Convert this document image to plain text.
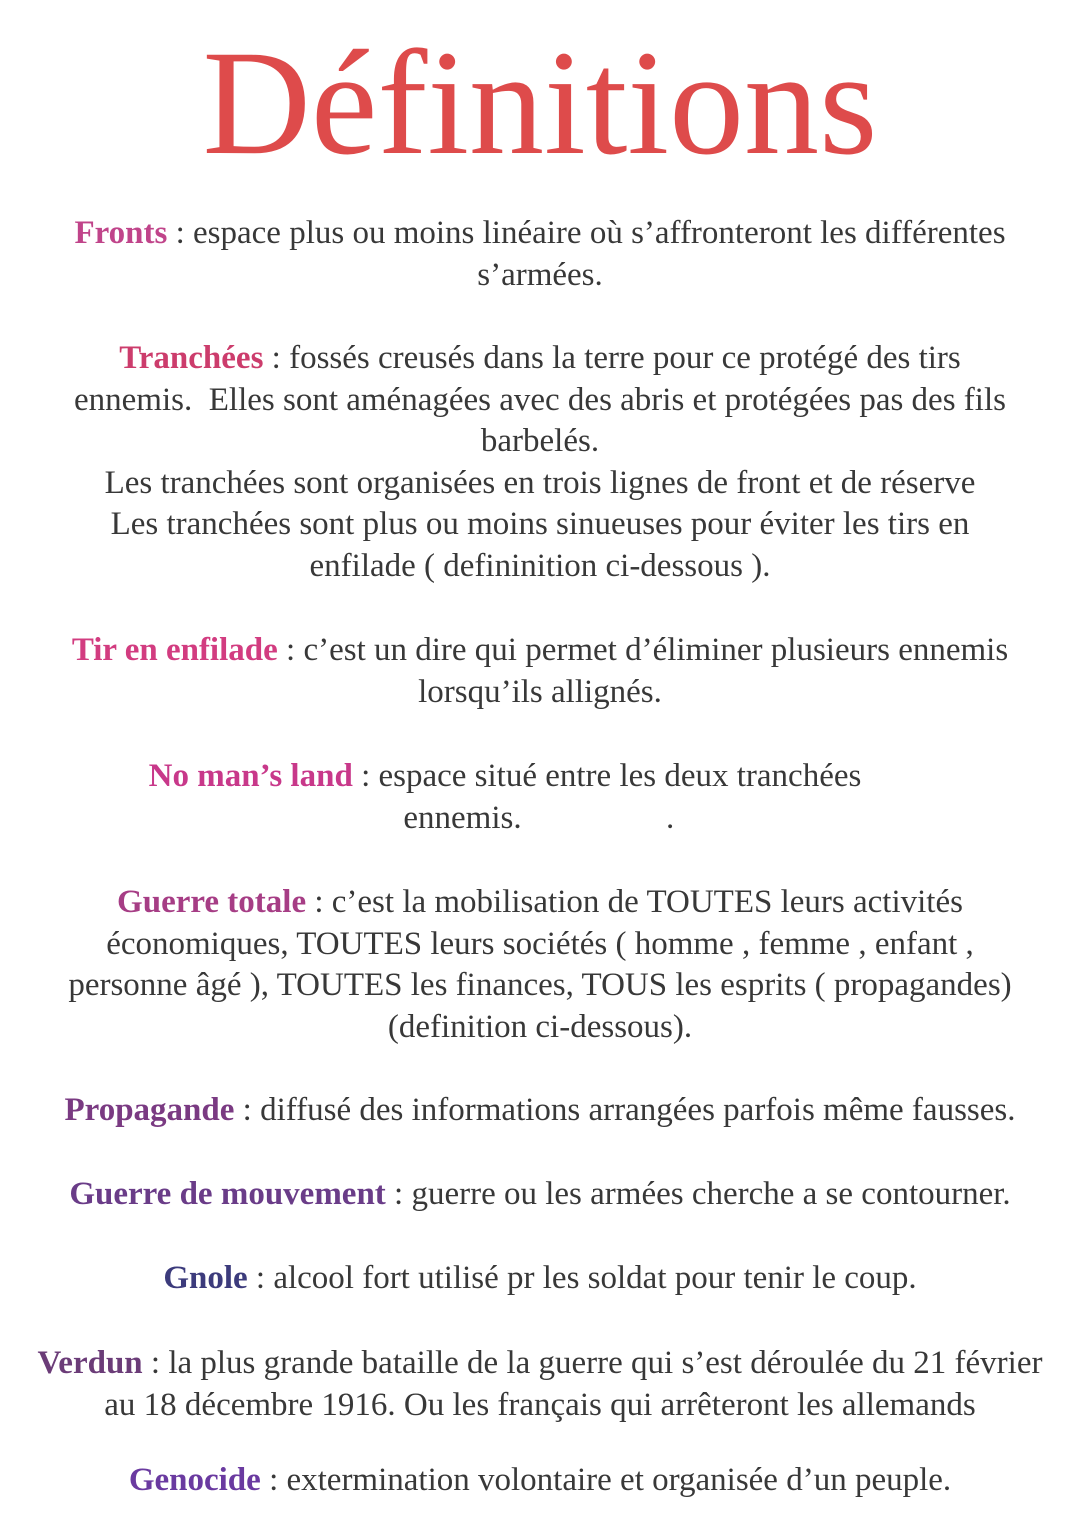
Définitions

Fronts : espace plus ou moins linéaire où s’affronteront les différentes

s’armées.

Tranchées : fossés creusés dans la terre pour ce protégé des tirs

ennemis.  Elles sont aménagées avec des abris et protégées pas des fils

barbelés.

Les tranchées sont organisées en trois lignes de front et de réserve

Les tranchées sont plus ou moins sinueuses pour éviter les tirs en

enfilade ( defininition ci-dessous ).

Tir en enfilade : c’est un dire qui permet d’éliminer plusieurs ennemis

lorsqu’ils allignés.

No man’s land : espace situé entre les deux tranchées

ennemis.	.

Guerre totale : c’est la mobilisation de TOUTES leurs activités

économiques, TOUTES leurs sociétés ( homme , femme , enfant ,

personne âgé ), TOUTES les finances, TOUS les esprits ( propagandes)

(definition ci-dessous).

Propagande : diffusé des informations arrangées parfois même fausses.

Guerre de mouvement : guerre ou les armées cherche a se contourner.

Gnole : alcool fort utilisé pr les soldat pour tenir le coup.

Verdun : la plus grande bataille de la guerre qui s’est déroulée du 21 février

au 18 décembre 1916. Ou les français qui arrêteront les allemands

Genocide : extermination volontaire et organisée d’un peuple.
